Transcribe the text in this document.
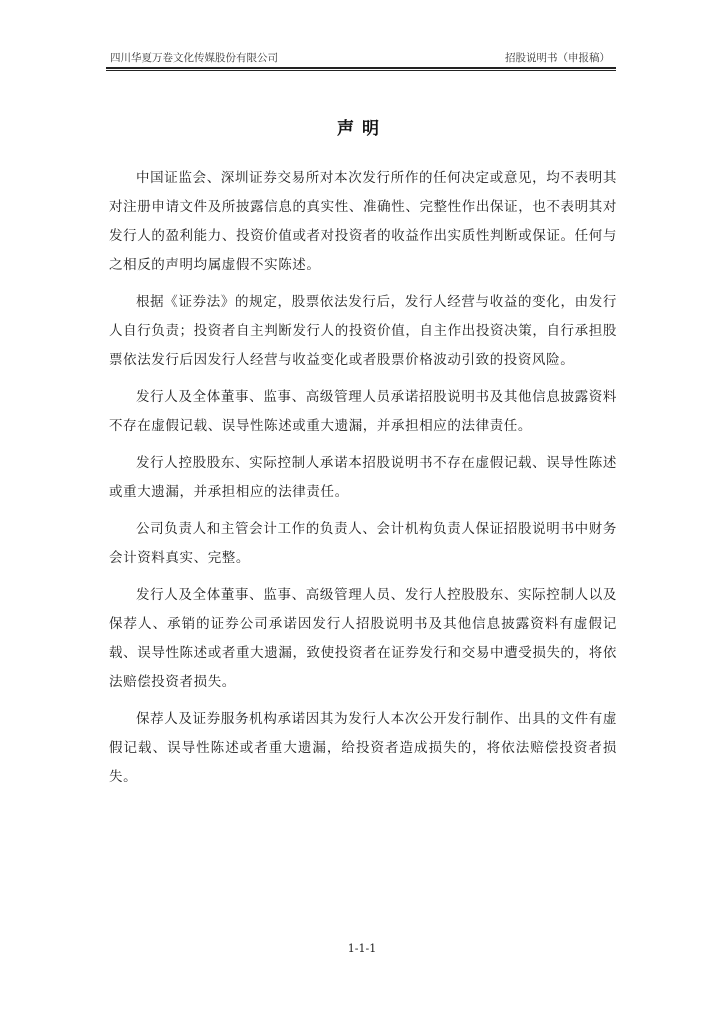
四川华夏万卷文化传媒股份有限公司	招股说明书（申报稿）
声明

中国证监会、深圳证券交易所对本次发行所作的任何决定或意见，均不表明其对注册申请文件及所披露信息的真实性、准确性、完整性作出保证，也不表明其对发行人的盈利能力、投资价值或者对投资者的收益作出实质性判断或保证。任何与之相反的声明均属虚假不实陈述。

根据《证券法》的规定，股票依法发行后，发行人经营与收益的变化，由发行人自行负责；投资者自主判断发行人的投资价值，自主作出投资决策，自行承担股票依法发行后因发行人经营与收益变化或者股票价格波动引致的投资风险。

发行人及全体董事、监事、高级管理人员承诺招股说明书及其他信息披露资料不存在虚假记载、误导性陈述或重大遗漏，并承担相应的法律责任。

发行人控股股东、实际控制人承诺本招股说明书不存在虚假记载、误导性陈述或重大遗漏，并承担相应的法律责任。

公司负责人和主管会计工作的负责人、会计机构负责人保证招股说明书中财务会计资料真实、完整。

发行人及全体董事、监事、高级管理人员、发行人控股股东、实际控制人以及保荐人、承销的证券公司承诺因发行人招股说明书及其他信息披露资料有虚假记载、误导性陈述或者重大遗漏，致使投资者在证券发行和交易中遭受损失的，将依法赔偿投资者损失。

保荐人及证券服务机构承诺因其为发行人本次公开发行制作、出具的文件有虚假记载、误导性陈述或者重大遗漏，给投资者造成损失的，将依法赔偿投资者损失。

1-1-1
